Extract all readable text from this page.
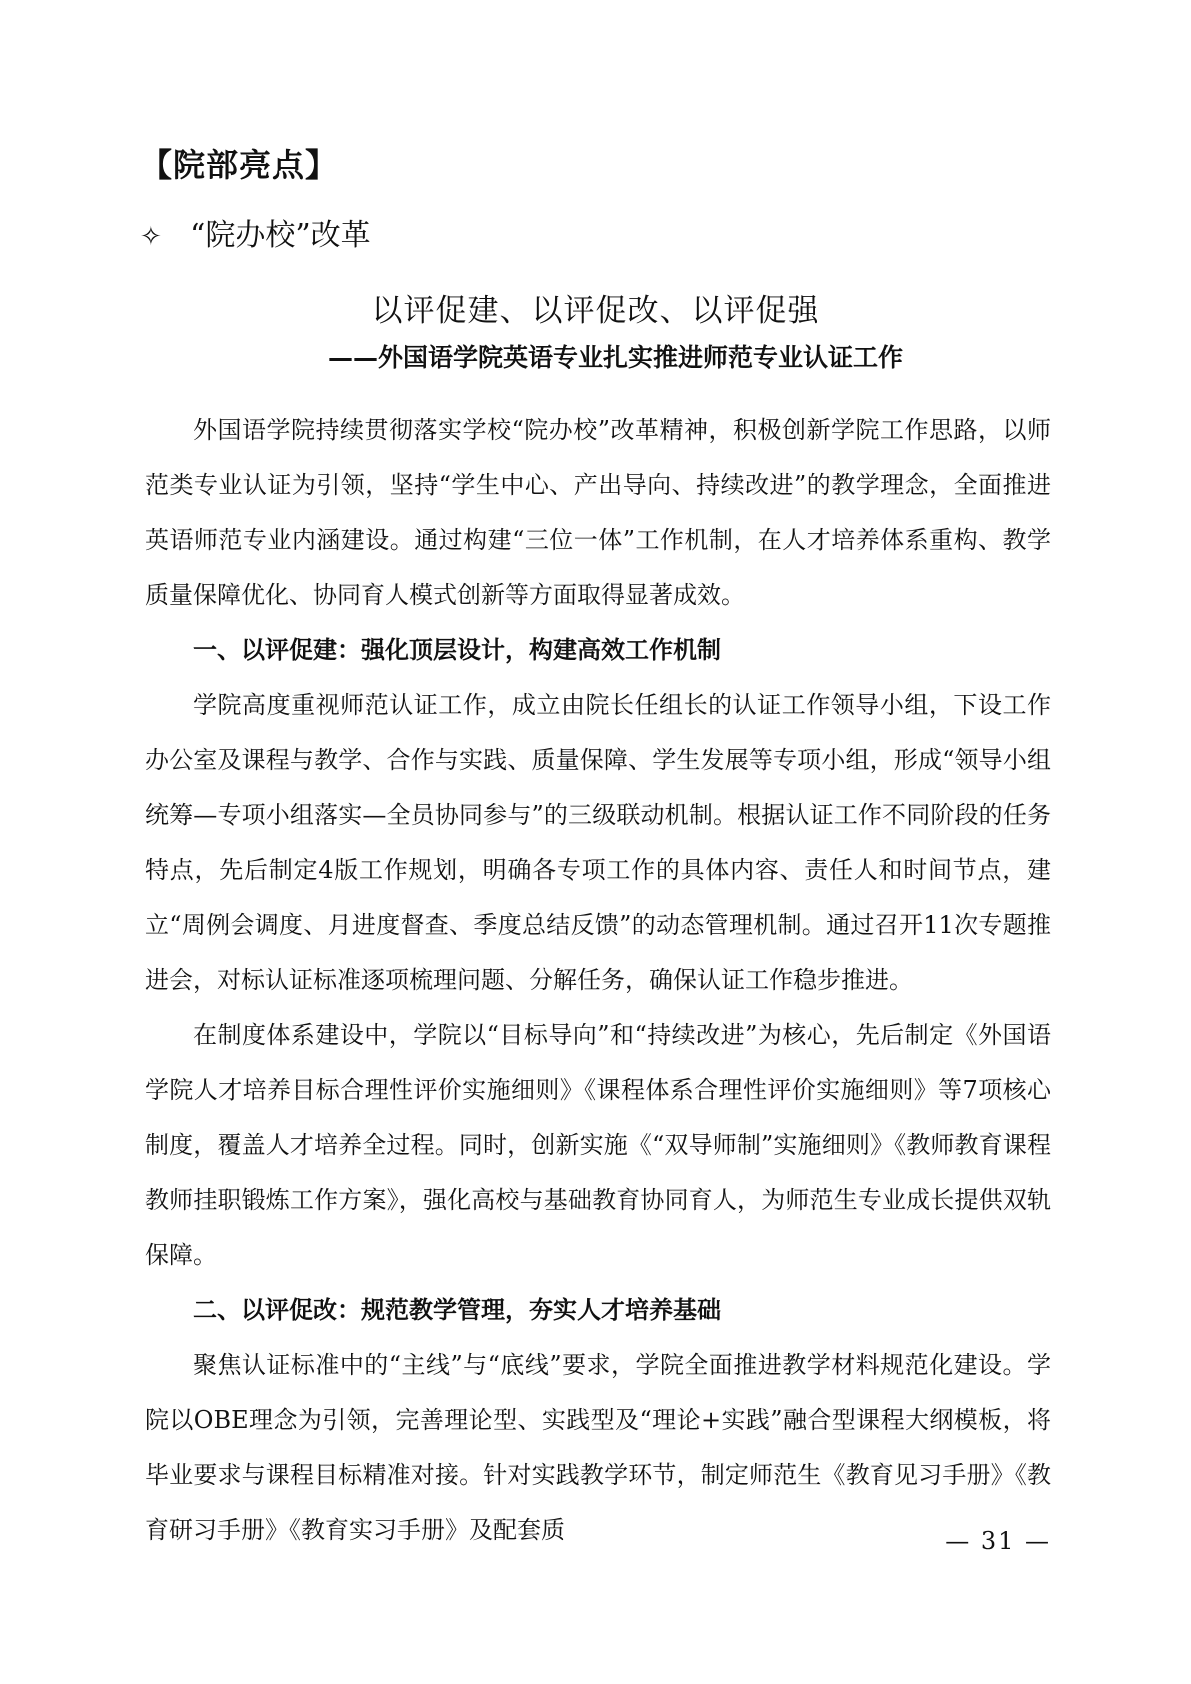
【院部亮点】
✧ “院办校”改革
以评促建、以评促改、以评促强
——外国语学院英语专业扎实推进师范专业认证工作

外国语学院持续贯彻落实学校“院办校”改革精神，积极创新学院工作思路，以师范类专业认证为引领，坚持“学生中心、产出导向、持续改进”的教学理念，全面推进英语师范专业内涵建设。通过构建“三位一体”工作机制，在人才培养体系重构、教学质量保障优化、协同育人模式创新等方面取得显著成效。

一、以评促建：强化顶层设计，构建高效工作机制

学院高度重视师范认证工作，成立由院长任组长的认证工作领导小组，下设工作办公室及课程与教学、合作与实践、质量保障、学生发展等专项小组，形成“领导小组统筹—专项小组落实—全员协同参与”的三级联动机制。根据认证工作不同阶段的任务特点，先后制定4版工作规划，明确各专项工作的具体内容、责任人和时间节点，建立“周例会调度、月进度督查、季度总结反馈”的动态管理机制。通过召开11次专题推进会，对标认证标准逐项梳理问题、分解任务，确保认证工作稳步推进。

在制度体系建设中，学院以“目标导向”和“持续改进”为核心，先后制定《外国语学院人才培养目标合理性评价实施细则》《课程体系合理性评价实施细则》等7项核心制度，覆盖人才培养全过程。同时，创新实施《“双导师制”实施细则》《教师教育课程教师挂职锻炼工作方案》，强化高校与基础教育协同育人，为师范生专业成长提供双轨保障。

二、以评促改：规范教学管理，夯实人才培养基础

聚焦认证标准中的“主线”与“底线”要求，学院全面推进教学材料规范化建设。学院以OBE理念为引领，完善理论型、实践型及“理论+实践”融合型课程大纲模板，将毕业要求与课程目标精准对接。针对实践教学环节，制定师范生《教育见习手册》《教育研习手册》《教育实习手册》及配套质	— 31 —
